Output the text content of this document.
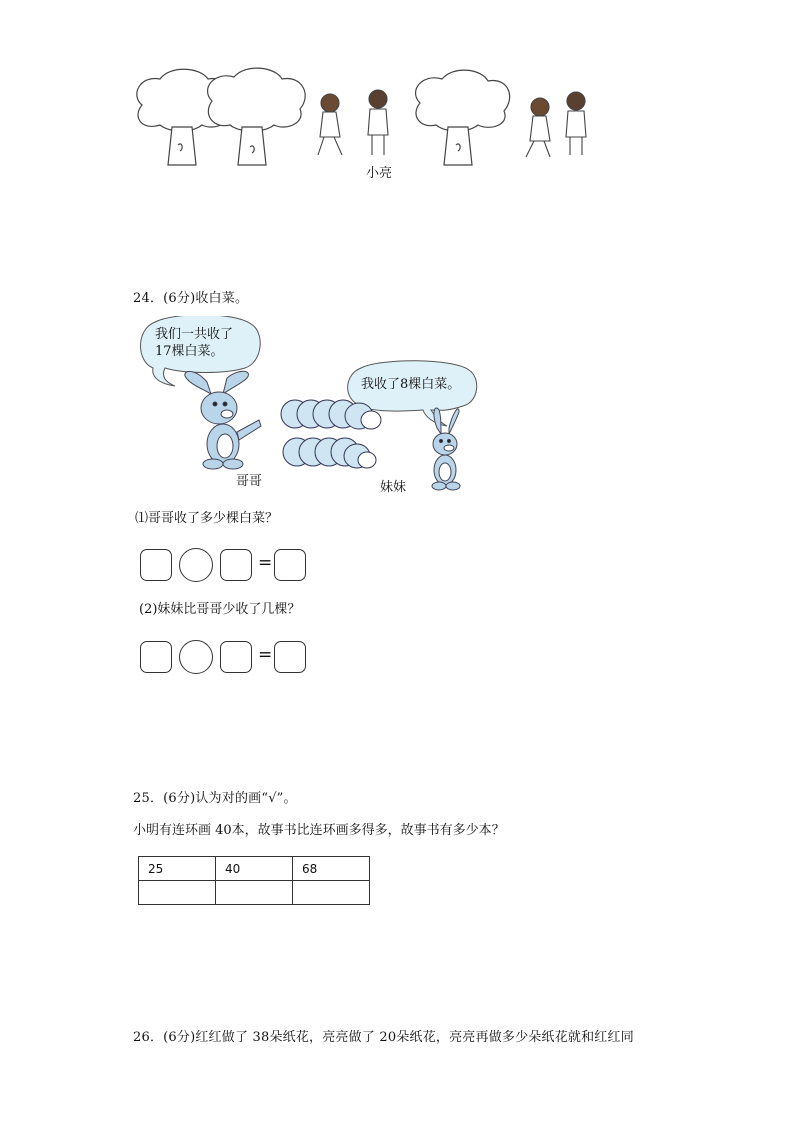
小亮
24．(6分)收白菜。
我们一共收了
17棵白菜。
我收了8棵白菜。
哥哥	妹妹
⑴哥哥收了多少棵白菜？
=
(2)妹妹比哥哥少收了几棵？
=
25．(6分)认为对的画“√”。
小明有连环画 40本，故事书比连环画多得多，故事书有多少本？
25	40	68

26．(6分)红红做了 38朵纸花，亮亮做了 20朵纸花，亮亮再做多少朵纸花就和红红同
